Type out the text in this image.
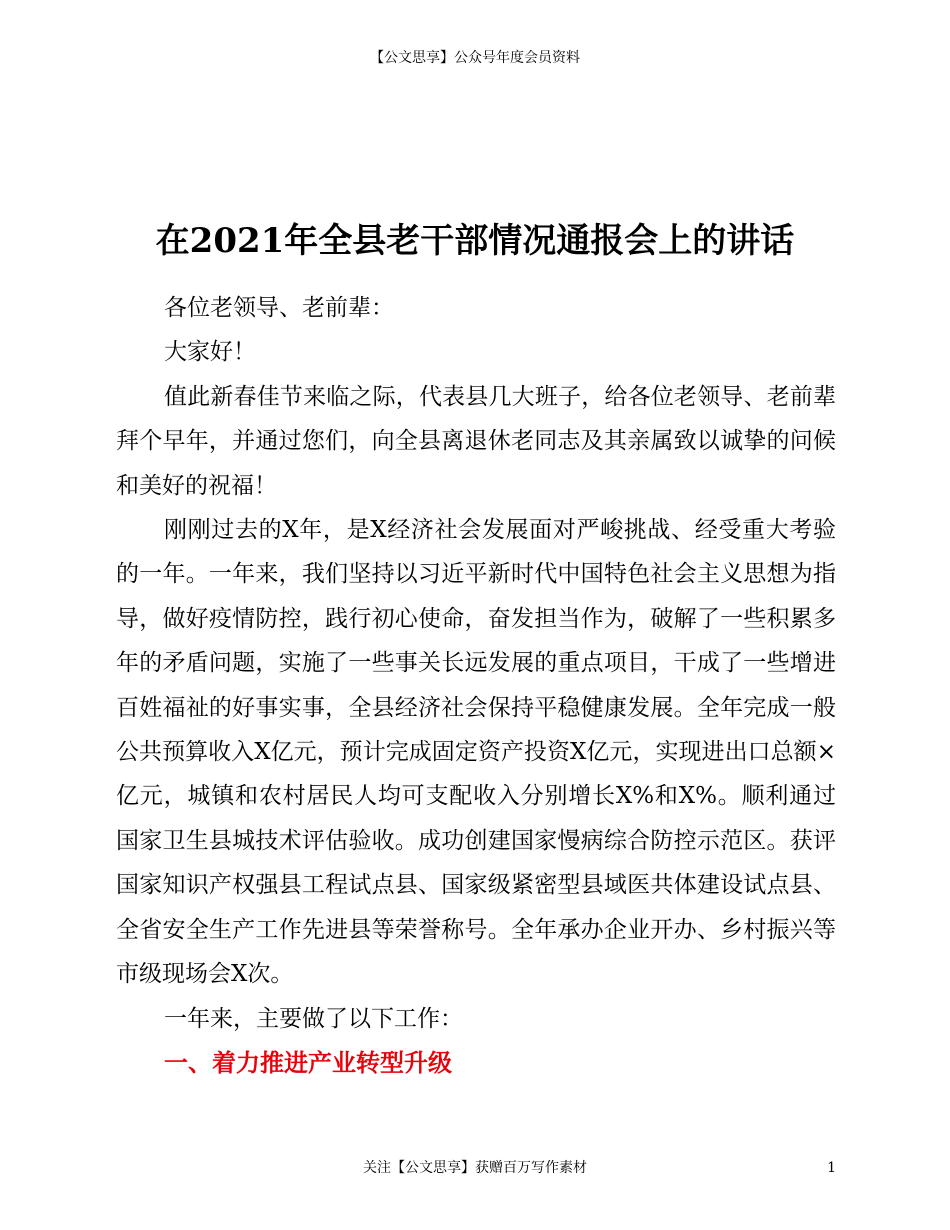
【公文思享】公众号年度会员资料
在2021年全县老干部情况通报会上的讲话

各位老领导、老前辈：

大家好！

值此新春佳节来临之际，代表县几大班子，给各位老领导、老前辈拜个早年，并通过您们，向全县离退休老同志及其亲属致以诚挚的问候和美好的祝福！

刚刚过去的X年，是X经济社会发展面对严峻挑战、经受重大考验的一年。一年来，我们坚持以习近平新时代中国特色社会主义思想为指导，做好疫情防控，践行初心使命，奋发担当作为，破解了一些积累多年的矛盾问题，实施了一些事关长远发展的重点项目，干成了一些增进百姓福祉的好事实事，全县经济社会保持平稳健康发展。全年完成一般公共预算收入X亿元，预计完成固定资产投资X亿元，实现进出口总额×亿元，城镇和农村居民人均可支配收入分别增长X%和X%。顺利通过国家卫生县城技术评估验收。成功创建国家慢病综合防控示范区。获评国家知识产权强县工程试点县、国家级紧密型县域医共体建设试点县、全省安全生产工作先进县等荣誉称号。全年承办企业开办、乡村振兴等市级现场会X次。

一年来，主要做了以下工作：

一、着力推进产业转型升级
关注【公文思享】获赠百万写作素材	1
